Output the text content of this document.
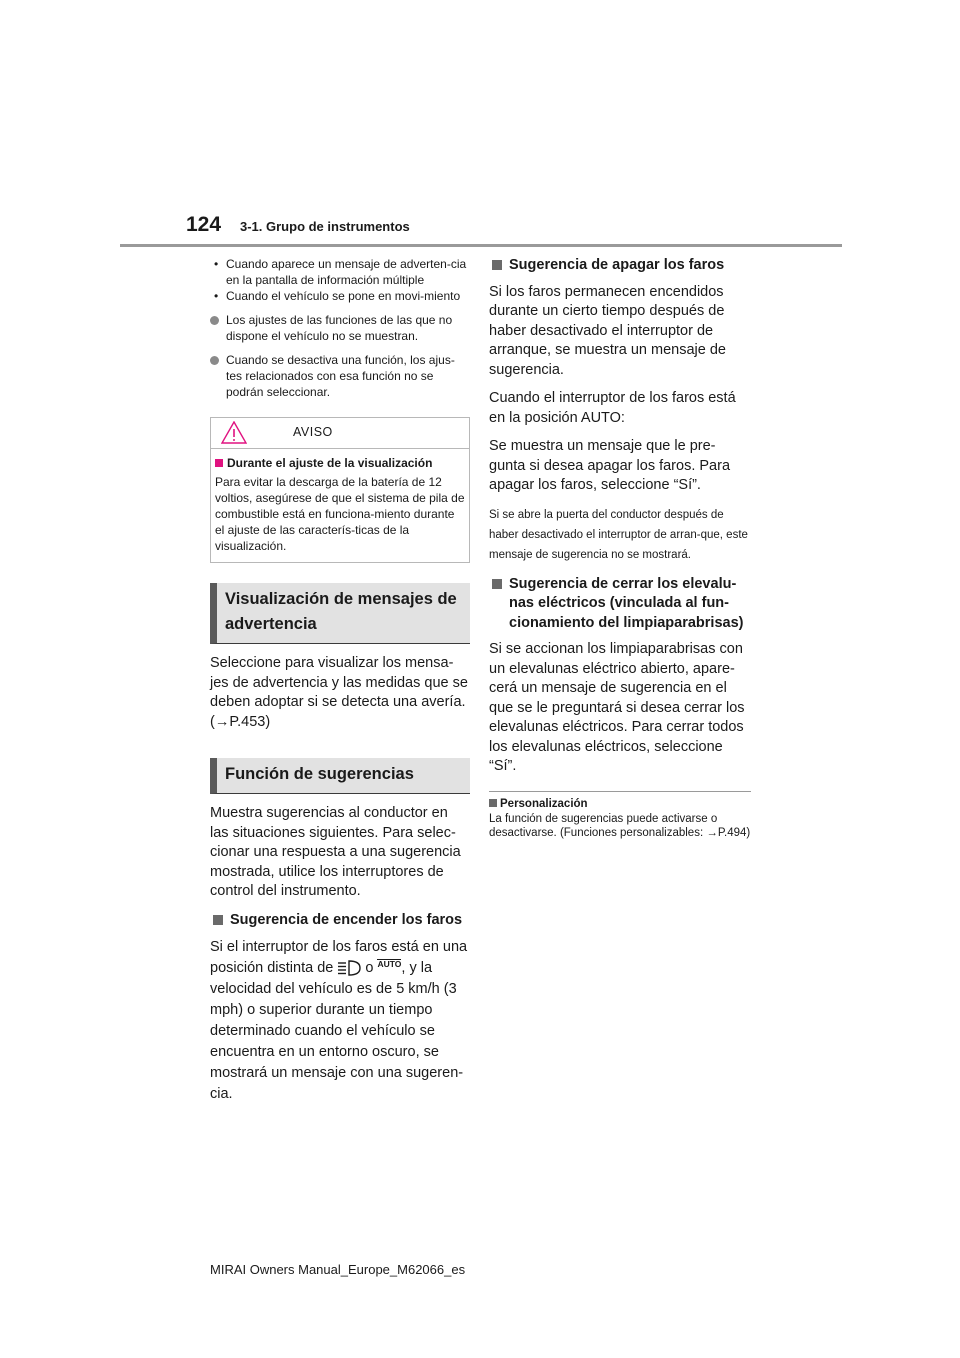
124 3-1. Grupo de instrumentos
• Cuando aparece un mensaje de adverten-cia en la pantalla de información múltiple
• Cuando el vehículo se pone en movi-miento
Los ajustes de las funciones de las que no dispone el vehículo no se muestran.
Cuando se desactiva una función, los ajus-tes relacionados con esa función no se podrán seleccionar.
AVISO
Durante el ajuste de la visualización
Para evitar la descarga de la batería de 12 voltios, asegúrese de que el sistema de pila de combustible está en funciona-miento durante el ajuste de las caracterís-ticas de la visualización.
Visualización de mensajes de advertencia

Seleccione para visualizar los mensa-jes de advertencia y las medidas que se deben adoptar si se detecta una avería. (→P.453)

Función de sugerencias

Muestra sugerencias al conductor en las situaciones siguientes. Para selec-cionar una respuesta a una sugerencia mostrada, utilice los interruptores de control del instrumento.

Sugerencia de encender los faros

Si el interruptor de los faros está en una posición distinta de  o AUTO, y la velocidad del vehículo es de 5 km/h (3 mph) o superior durante un tiempo determinado cuando el vehículo se encuentra en un entorno oscuro, se mostrará un mensaje con una sugeren-cia.

Sugerencia de apagar los faros

Si los faros permanecen encendidos durante un cierto tiempo después de haber desactivado el interruptor de arranque, se muestra un mensaje de sugerencia.

Cuando el interruptor de los faros está en la posición AUTO:

Se muestra un mensaje que le pre-gunta si desea apagar los faros. Para apagar los faros, seleccione “Sí”.

Si se abre la puerta del conductor después de haber desactivado el interruptor de arran-que, este mensaje de sugerencia no se mostrará.

Sugerencia de cerrar los elevalu-nas eléctricos (vinculada al fun-cionamiento del limpiaparabrisas)

Si se accionan los limpiaparabrisas con un elevalunas eléctrico abierto, apare-cerá un mensaje de sugerencia en el que se le preguntará si desea cerrar los elevalunas eléctricos. Para cerrar todos los elevalunas eléctricos, seleccione “Sí”.

Personalización

La función de sugerencias puede activarse o desactivarse. (Funciones personalizables: →P.494)

MIRAI Owners Manual_Europe_M62066_es
